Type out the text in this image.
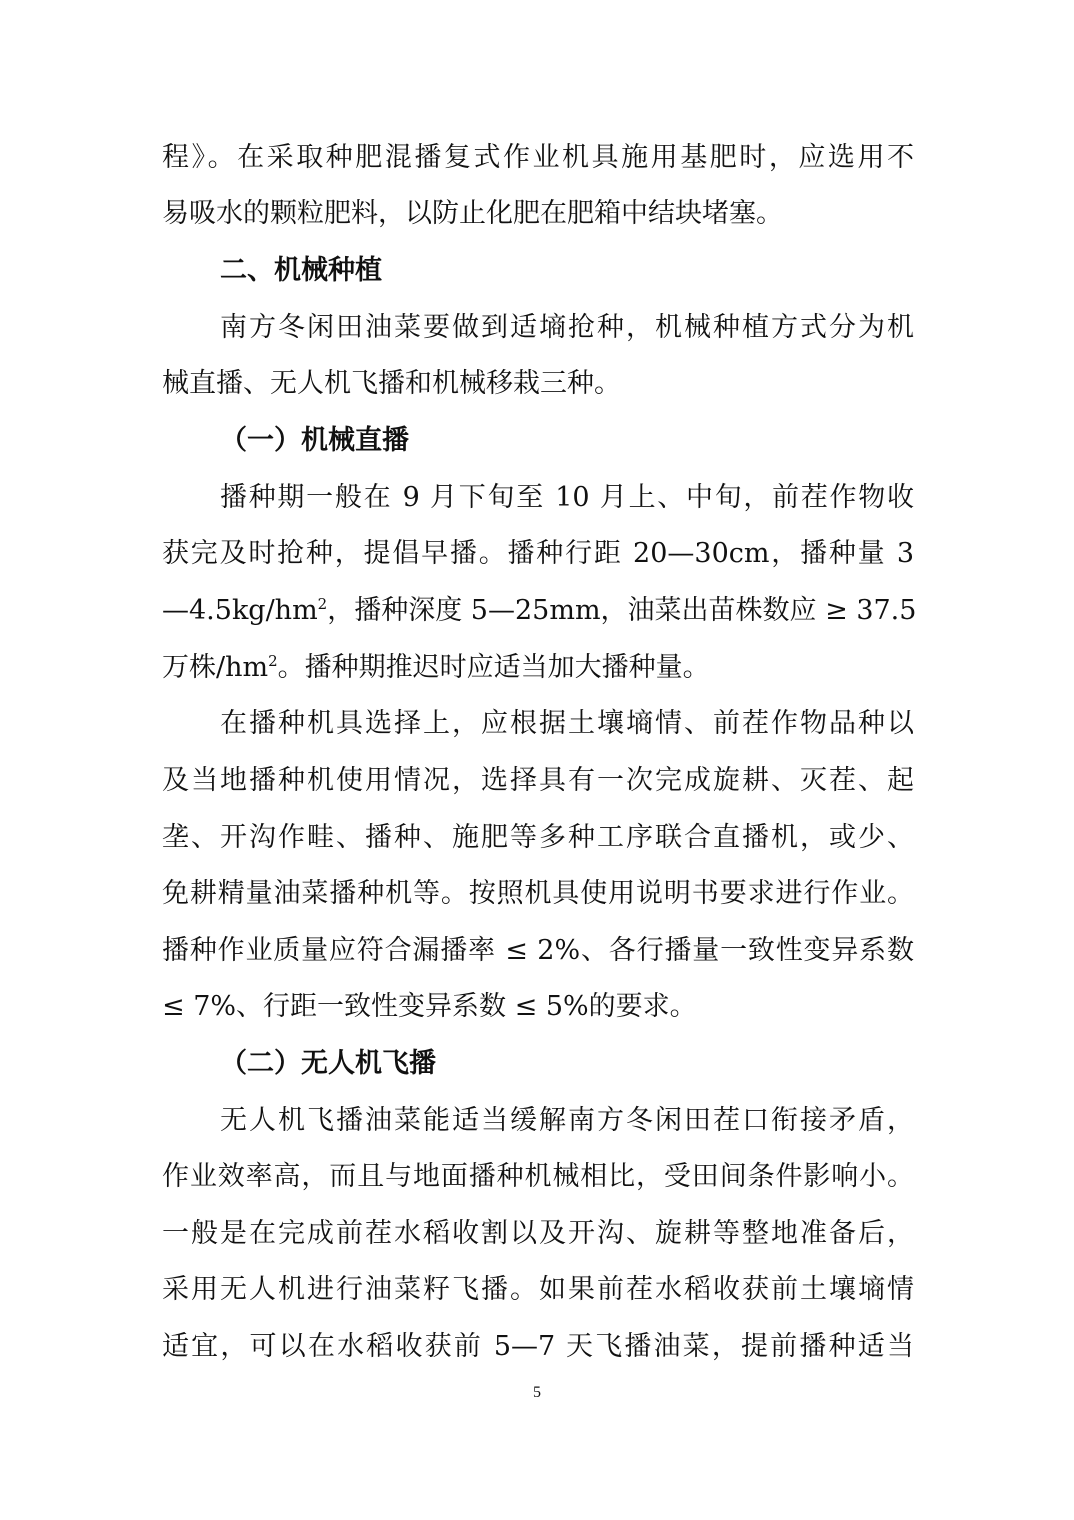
程》。在采取种肥混播复式作业机具施用基肥时，应选用不
易吸水的颗粒肥料，以防止化肥在肥箱中结块堵塞。
二、机械种植
南方冬闲田油菜要做到适墒抢种，机械种植方式分为机
械直播、无人机飞播和机械移栽三种。
（一）机械直播
播种期一般在 9 月下旬至 10 月上、中旬，前茬作物收
获完及时抢种，提倡早播。播种行距 20—30cm，播种量 3
$—4.5kg/hm^2$，播种深度 5—25mm，油菜出苗株数应 ≥ 37.5
万株$/hm^2$。播种期推迟时应适当加大播种量。
在播种机具选择上，应根据土壤墒情、前茬作物品种以
及当地播种机使用情况，选择具有一次完成旋耕、灭茬、起
垄、开沟作畦、播种、施肥等多种工序联合直播机，或少、
免耕精量油菜播种机等。按照机具使用说明书要求进行作业。
播种作业质量应符合漏播率 ≤ 2%、各行播量一致性变异系数
≤ 7%、行距一致性变异系数 ≤ 5%的要求。
（二）无人机飞播
无人机飞播油菜能适当缓解南方冬闲田茬口衔接矛盾，
作业效率高，而且与地面播种机械相比，受田间条件影响小。
一般是在完成前茬水稻收割以及开沟、旋耕等整地准备后，
采用无人机进行油菜籽飞播。如果前茬水稻收获前土壤墒情
适宜，可以在水稻收获前 5—7 天飞播油菜，提前播种适当
5
